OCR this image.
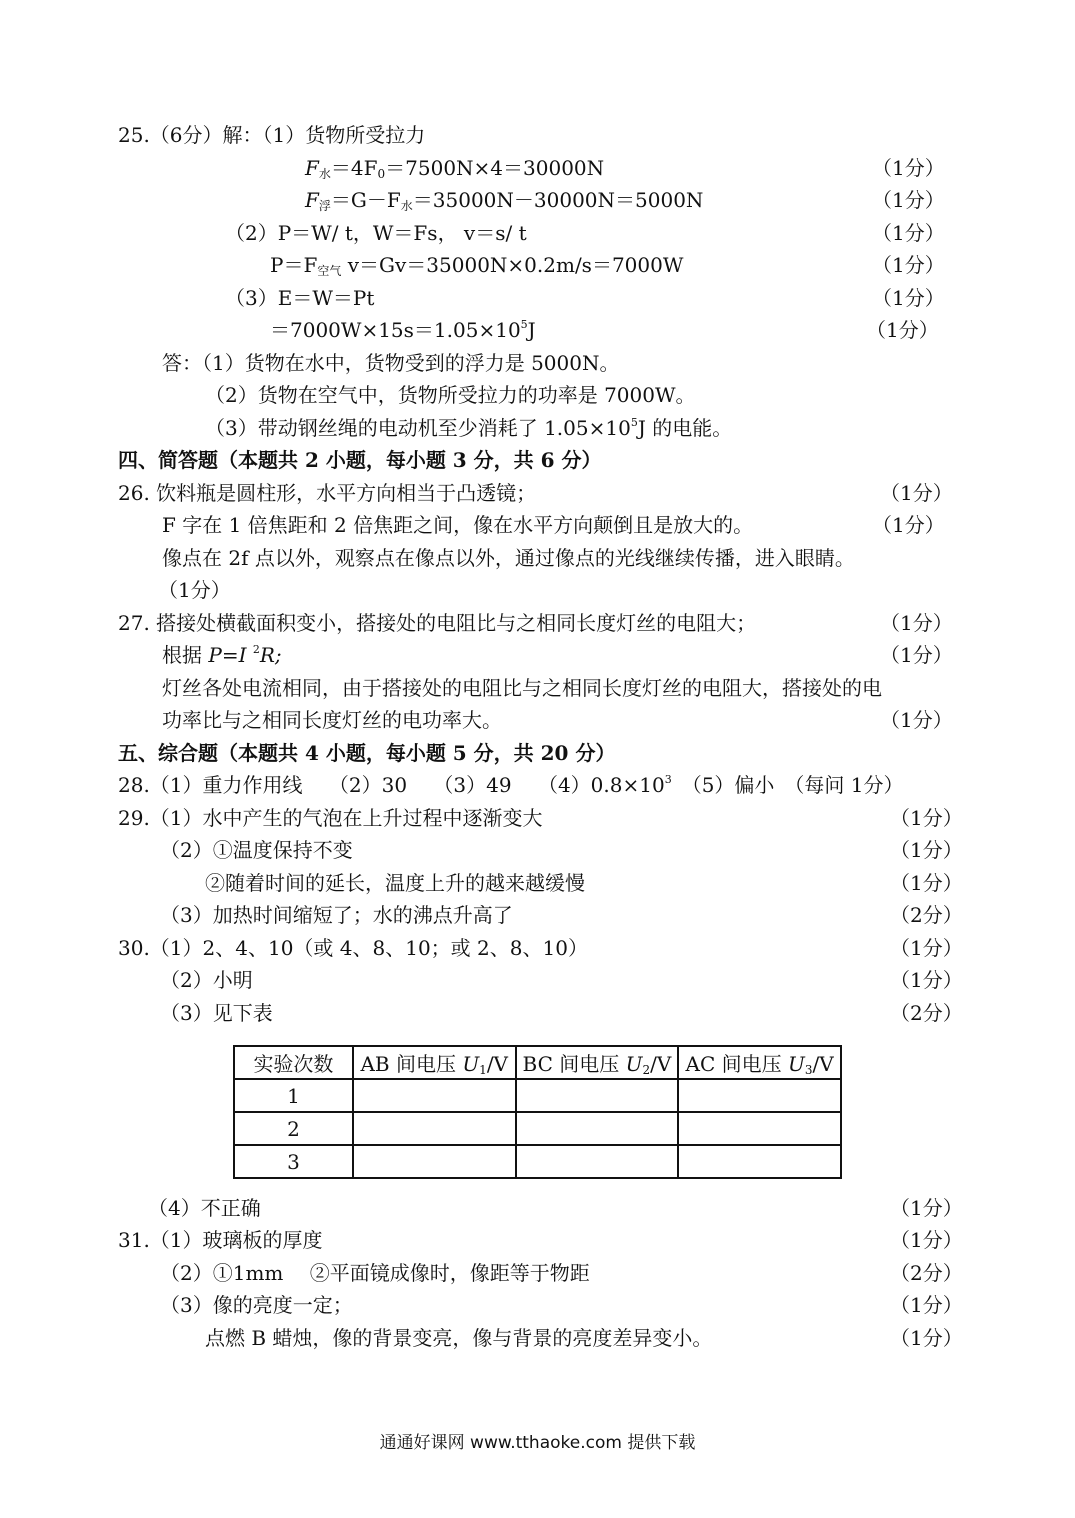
25.（6分）解：（1）货物所受拉力
$F_水=4F_0=7500N\times 4=30000N$	（1分）
$F_浮=G-F_水=35000N-30000N=5000N$	（1分）
（2）P＝W/ t，W＝Fs， v＝s/ t	（1分）
$P=F_{空气}$ v＝Gv＝35000N×0.2m/s＝7000W	（1分）
（3）E＝W＝Pt	（1分）
$=7000W\times 15s=1.05\times 10^5J$	（1分）
答：（1）货物在水中，货物受到的浮力是 5000N。
（2）货物在空气中，货物所受拉力的功率是 7000W。
（3）带动钢丝绳的电动机至少消耗了 $1.05\times 10^5J$ 的电能。
四、简答题（本题共 2 小题，每小题 3 分，共 6 分）
26. 饮料瓶是圆柱形，水平方向相当于凸透镜；	（1分）
F 字在 1 倍焦距和 2 倍焦距之间，像在水平方向颠倒且是放大的。	（1分）
像点在 2f 点以外，观察点在像点以外，通过像点的光线继续传播，进入眼睛。
（1分）
27. 搭接处横截面积变小，搭接处的电阻比与之相同长度灯丝的电阻大；	（1分）
根据 P=I $^2$R;	（1分）
灯丝各处电流相同，由于搭接处的电阻比与之相同长度灯丝的电阻大，搭接处的电
功率比与之相同长度灯丝的电功率大。	（1分）
五、综合题（本题共 4 小题，每小题 5 分，共 20 分）
28.（1）重力作用线　 （2）30　 （3）49　 $(4)0.8\times 10^3$　（5）偏小　（每问 1分）
29.（1）水中产生的气泡在上升过程中逐渐变大	（1分）
（2）①温度保持不变	（1分）
②随着时间的延长，温度上升的越来越缓慢	（1分）
（3）加热时间缩短了；水的沸点升高了	（2分）
30.（1）2、4、10（或 4、8、10；或 2、8、10）	（1分）
（2）小明	（1分）
（3）见下表	（2分）
实验次数	AB 间电压 $U_1/V$	BC 间电压 $U_2/V$	AC 间电压 $U_3/V$
1			
2			
3			
（4）不正确	（1分）
31.（1）玻璃板的厚度	（1分）
（2）①1mm　 ②平面镜成像时，像距等于物距	（2分）
（3）像的亮度一定；	（1分）
点燃 B 蜡烛，像的背景变亮，像与背景的亮度差异变小。	（1分）
通通好课网 www.tthaoke.com 提供下载
